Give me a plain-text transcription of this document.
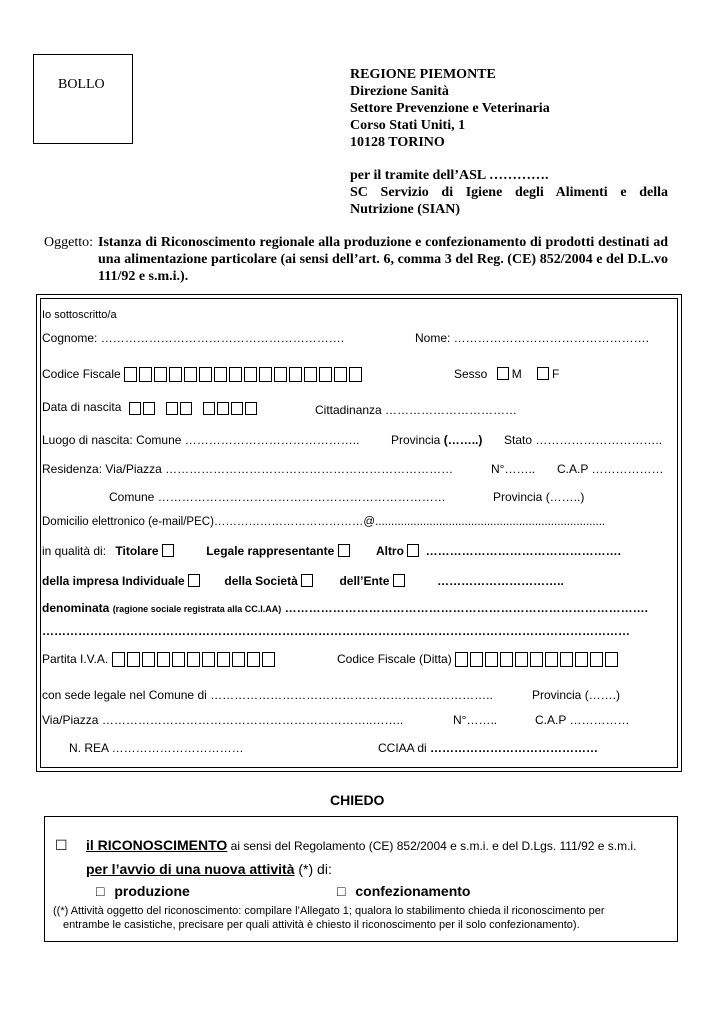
BOLLO
REGIONE PIEMONTE
Direzione Sanità
Settore Prevenzione e Veterinaria
Corso Stati Uniti, 1
10128 TORINO
per il tramite dell’ASL ………….
SC Servizio di Igiene degli Alimenti e della
Nutrizione (SIAN)
Oggetto: Istanza di Riconoscimento regionale alla produzione e confezionamento di prodotti destinati ad una alimentazione particolare (ai sensi dell’art. 6, comma 3 del Reg. (CE) 852/2004 e del D.L.vo 111/92 e s.m.i.).
Io sottoscritto/a
Cognome: …………………………………………………….	Nome: ………………………………………….
Codice Fiscale	Sesso M	F
Data di nascita	Cittadinanza ……………………………
Luogo di nascita: Comune ……………………………………..	Provincia (……..) Stato …………………………..
Residenza: Via/Piazza ………………………………………………………………	N°…….. C.A.P ………………
Comune ………………………………………………………………	Provincia (……..)
Domicilio elettronico (e-mail/PEC)…………………………………@........................................................................
in qualità di: Titolare	Legale rappresentante	Altro ………………………………………….
della impresa Individuale	della Società	dell’Ente	…………………………..
denominata (ragione sociale registrata alla CC.I.AA) ……………………………………………………………………………….
…………………………………………………………………………………………………………………………………
Partita I.V.A.	Codice Fiscale (Ditta)
con sede legale nel Comune di ……………………………………………………………..	Provincia (…….)
Via/Piazza …………………………………………………………..……..	N°……..	C.A.P ……………
N. REA ……………………………	CCIAA di ……………………………………
CHIEDO
☐ il RICONOSCIMENTO ai sensi del Regolamento (CE) 852/2004 e s.m.i. e del D.Lgs. 111/92 e s.m.i.
per l’avvio di una nuova attività (*) di:
□ produzione	□ confezionamento
((*) Attività oggetto del riconoscimento: compilare l’Allegato 1; qualora lo stabilimento chieda il riconoscimento per
entrambe le casistiche, precisare per quali attività è chiesto il riconoscimento per il solo confezionamento).
